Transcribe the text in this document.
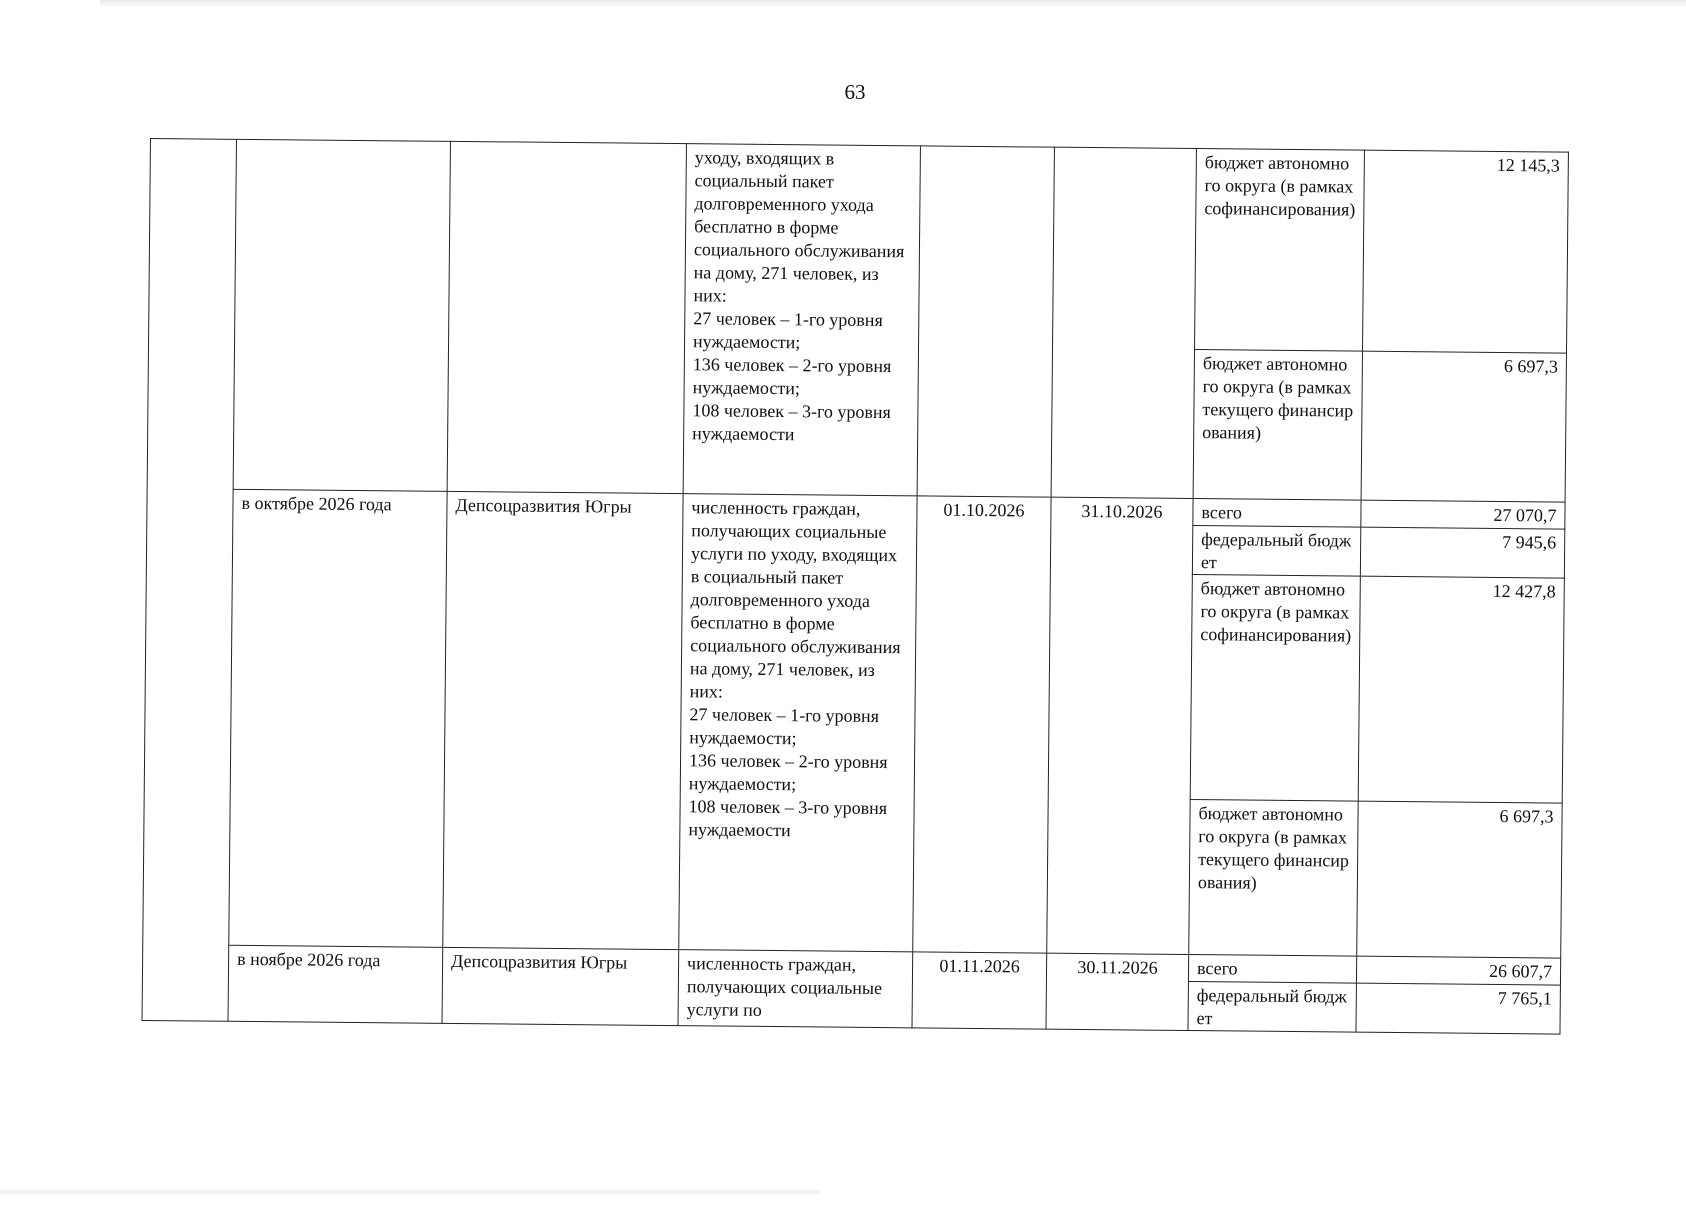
63
			уходу, входящих в социальный пакет долговременного ухода бесплатно в форме социального обслуживания на дому, 271 человек, из них:
27 человек – 1-го уровня нуждаемости;
136 человек – 2-го уровня нуждаемости;
108 человек – 3-го уровня нуждаемости			бюджет автономного округа (в рамках софинансирования)	12 145,3
						бюджет автономного округа (в рамках текущего финансирования)	6 697,3
	в октябре 2026 года	Депсоцразвития Югры	численность граждан, получающих социальные услуги по уходу, входящих в социальный пакет долговременного ухода бесплатно в форме социального обслуживания на дому, 271 человек, из них:
27 человек – 1-го уровня нуждаемости;
136 человек – 2-го уровня нуждаемости;
108 человек – 3-го уровня нуждаемости	01.10.2026	31.10.2026	всего	27 070,7
						федеральный бюджет	7 945,6
						бюджет автономного округа (в рамках софинансирования)	12 427,8
						бюджет автономного округа (в рамках текущего финансирования)	6 697,3
	в ноябре 2026 года	Депсоцразвития Югры	численность граждан, получающих социальные услуги по	01.11.2026	30.11.2026	всего	26 607,7
						федеральный бюджет	7 765,1
